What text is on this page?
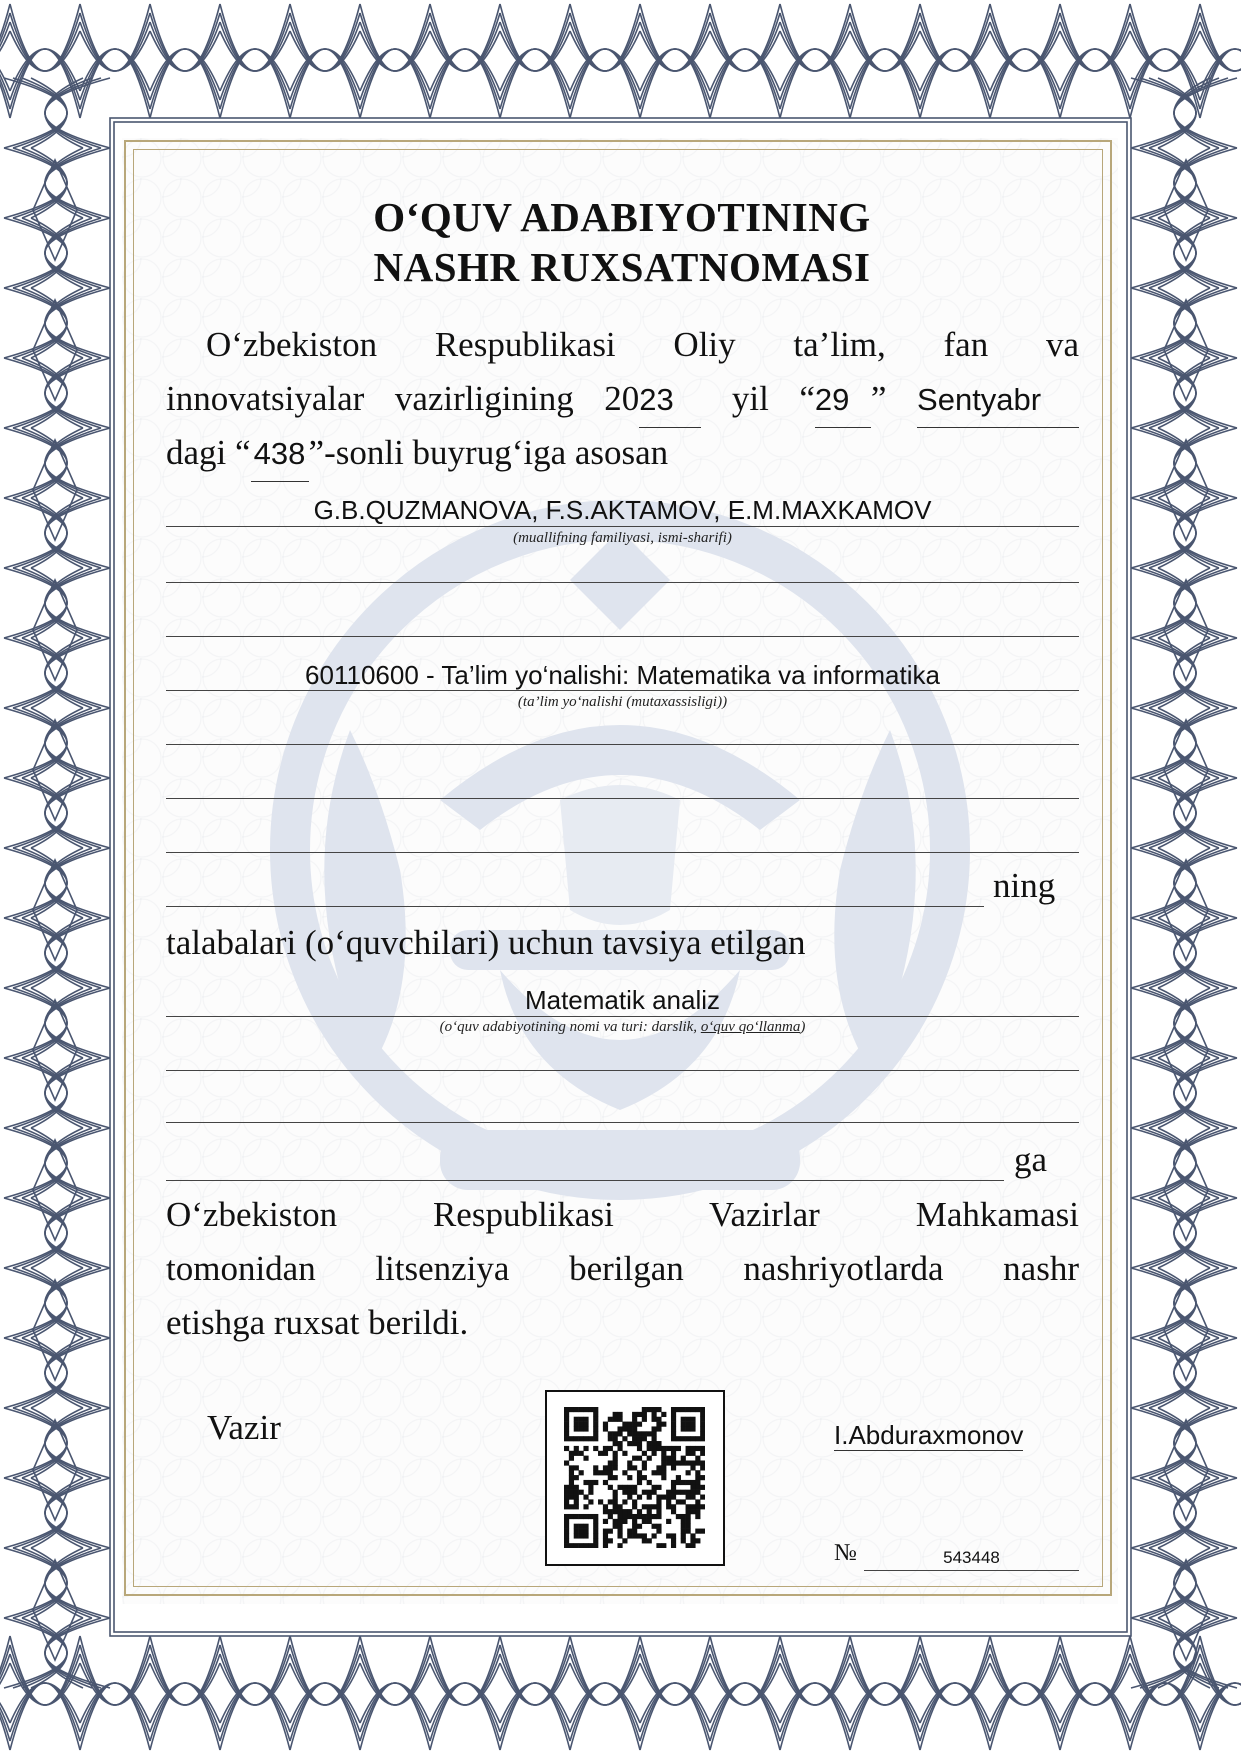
O‘QUV ADABIYOTINING
NASHR RUXSATNOMASI
O‘zbekiston Respublikasi Oliy ta’lim, fan va
innovatsiyalar vazirligining 2023 yil “29 ” Sentyabr
dagi “ 438”-sonli buyrug‘iga asosan
G.B.QUZMANOVA, F.S.AKTAMOV, E.M.MAXKAMOV
(muallifning familiyasi, ismi-sharifi)
60110600 - Ta’lim yo‘nalishi: Matematika va informatika
(ta’lim yo‘nalishi (mutaxassisligi))
ning
talabalari (o‘quvchilari) uchun tavsiya etilgan
Matematik analiz
(o‘quv adabiyotining nomi va turi: darslik, o‘quv qo‘llanma)
ga
O‘zbekiston Respublikasi Vazirlar Mahkamasi
tomonidan litsenziya berilgan nashriyotlarda nashr
etishga ruxsat berildi.
Vazir	I.Abduraxmonov
№	543448
